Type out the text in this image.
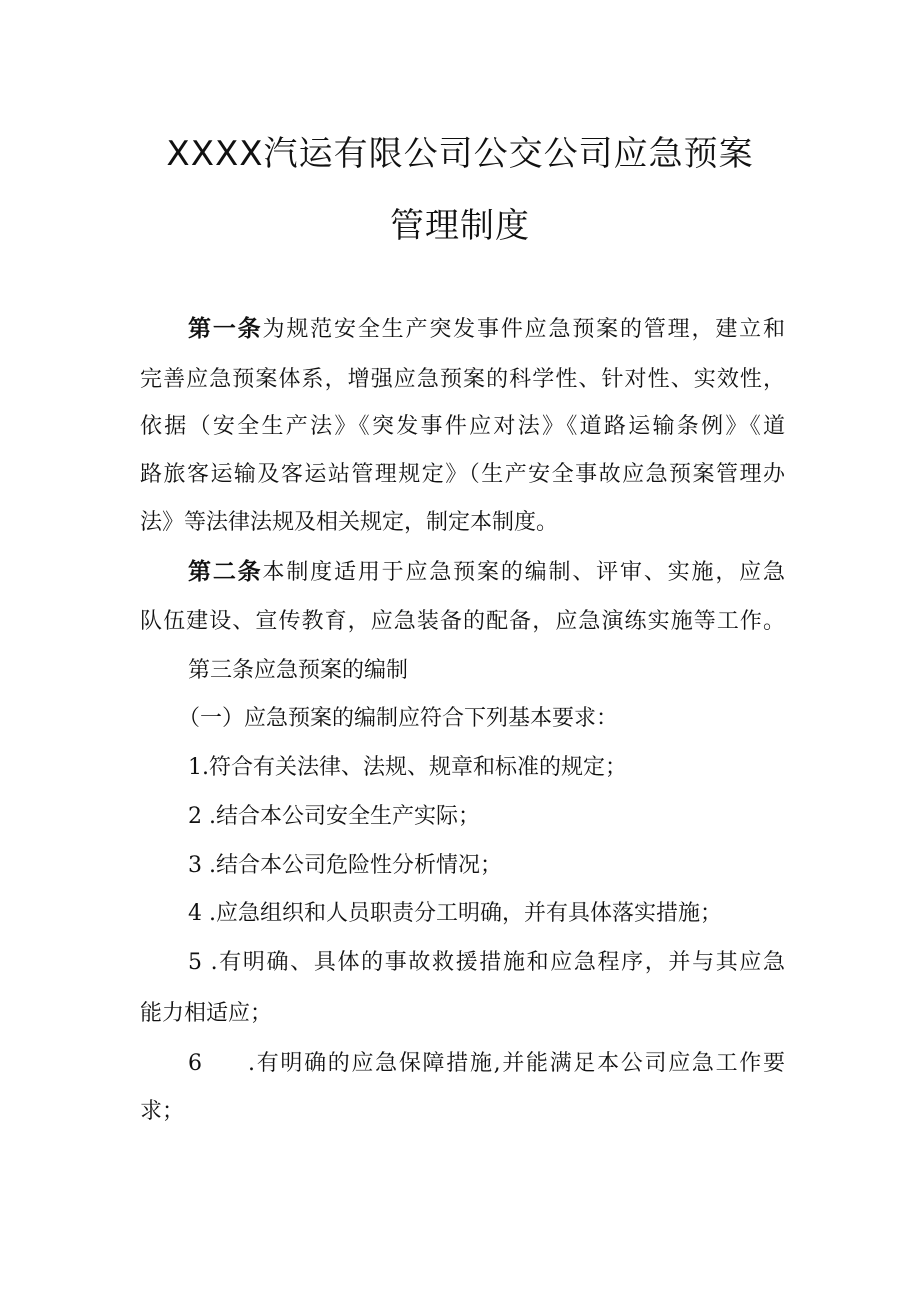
XXXX汽运有限公司公交公司应急预案
管理制度
第一条为规范安全生产突发事件应急预案的管理，建立和
完善应急预案体系，增强应急预案的科学性、针对性、实效性，
依据（安全生产法》《突发事件应对法》《道路运输条例》《道
路旅客运输及客运站管理规定》（生产安全事故应急预案管理办
法》等法律法规及相关规定，制定本制度。
第二条本制度适用于应急预案的编制、评审、实施，应急
队伍建设、宣传教育，应急装备的配备，应急演练实施等工作。
第三条应急预案的编制
（一）应急预案的编制应符合下列基本要求：
1.符合有关法律、法规、规章和标准的规定；
2 .结合本公司安全生产实际；
3 .结合本公司危险性分析情况；
4 .应急组织和人员职责分工明确，并有具体落实措施；
5 .有明确、具体的事故救援措施和应急程序，并与其应急
能力相适应；
6 .有明确的应急保障措施,并能满足本公司应急工作要
求；
